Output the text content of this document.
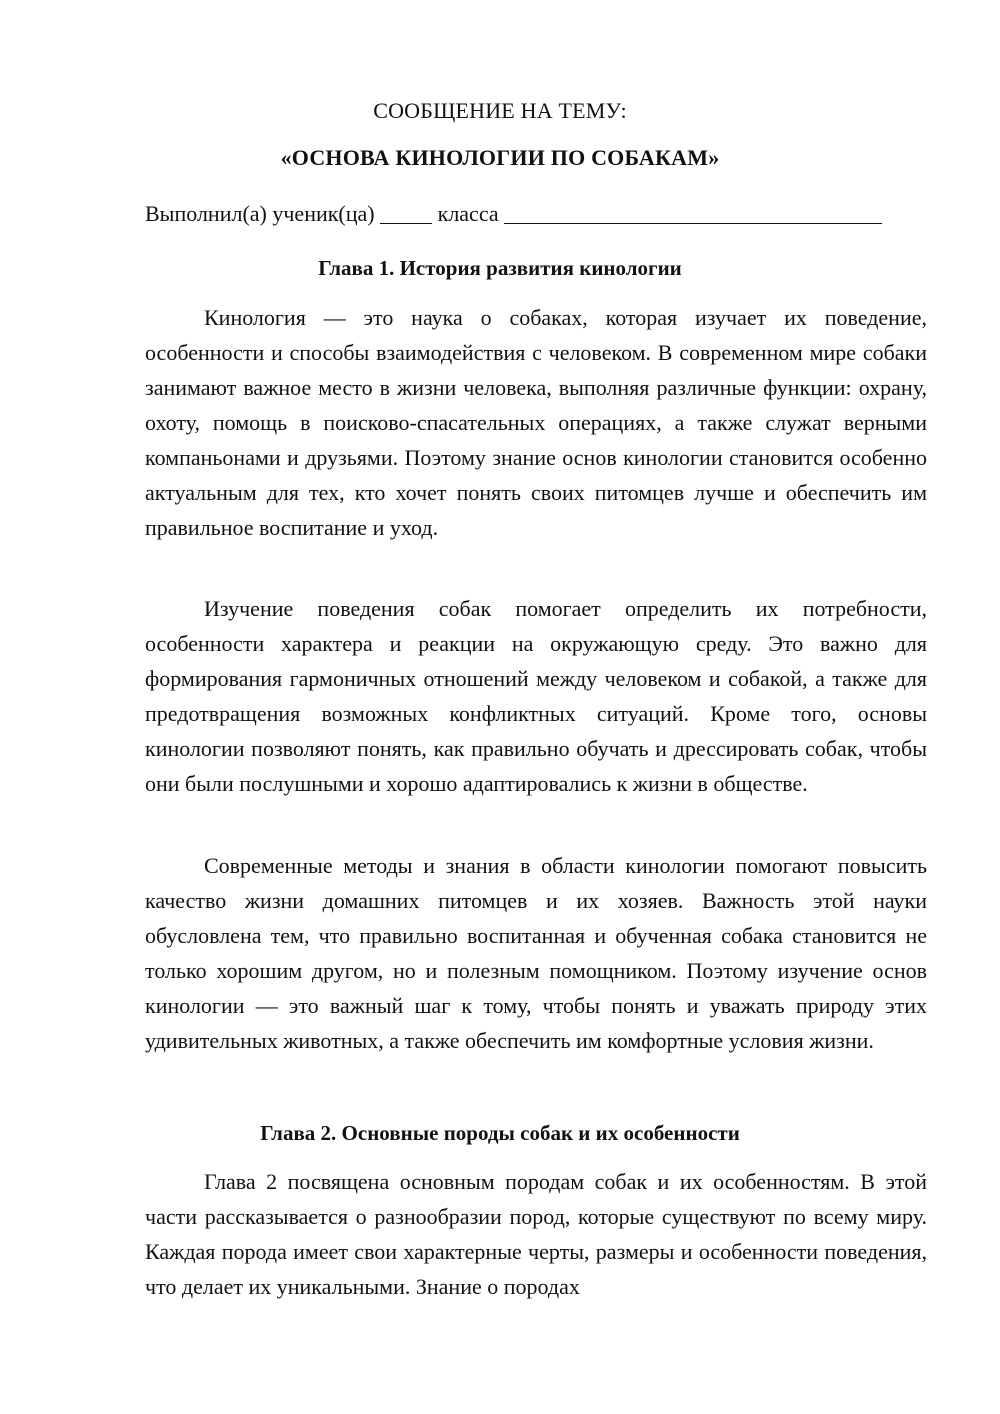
СООБЩЕНИЕ НА ТЕМУ:
«ОСНОВА КИНОЛОГИИ ПО СОБАКАМ»
Выполнил(а) ученик(ца)	класса
Глава 1. История развития кинологии

Кинология — это наука о собаках, которая изучает их поведение, особенности и способы взаимодействия с человеком. В современном мире собаки занимают важное место в жизни человека, выполняя различные функции: охрану, охоту, помощь в поисково-спасательных операциях, а также служат верными компаньонами и друзьями. Поэтому знание основ кинологии становится особенно актуальным для тех, кто хочет понять своих питомцев лучше и обеспечить им правильное воспитание и уход.

Изучение поведения собак помогает определить их потребности, особенности характера и реакции на окружающую среду. Это важно для формирования гармоничных отношений между человеком и собакой, а также для предотвращения возможных конфликтных ситуаций. Кроме того, основы кинологии позволяют понять, как правильно обучать и дрессировать собак, чтобы они были послушными и хорошо адаптировались к жизни в обществе.

Современные методы и знания в области кинологии помогают повысить качество жизни домашних питомцев и их хозяев. Важность этой науки обусловлена тем, что правильно воспитанная и обученная собака становится не только хорошим другом, но и полезным помощником. Поэтому изучение основ кинологии — это важный шаг к тому, чтобы понять и уважать природу этих удивительных животных, а также обеспечить им комфортные условия жизни.

Глава 2. Основные породы собак и их особенности

Глава 2 посвящена основным породам собак и их особенностям. В этой части рассказывается о разнообразии пород, которые существуют по всему миру. Каждая порода имеет свои характерные черты, размеры и особенности поведения, что делает их уникальными. Знание о породах
